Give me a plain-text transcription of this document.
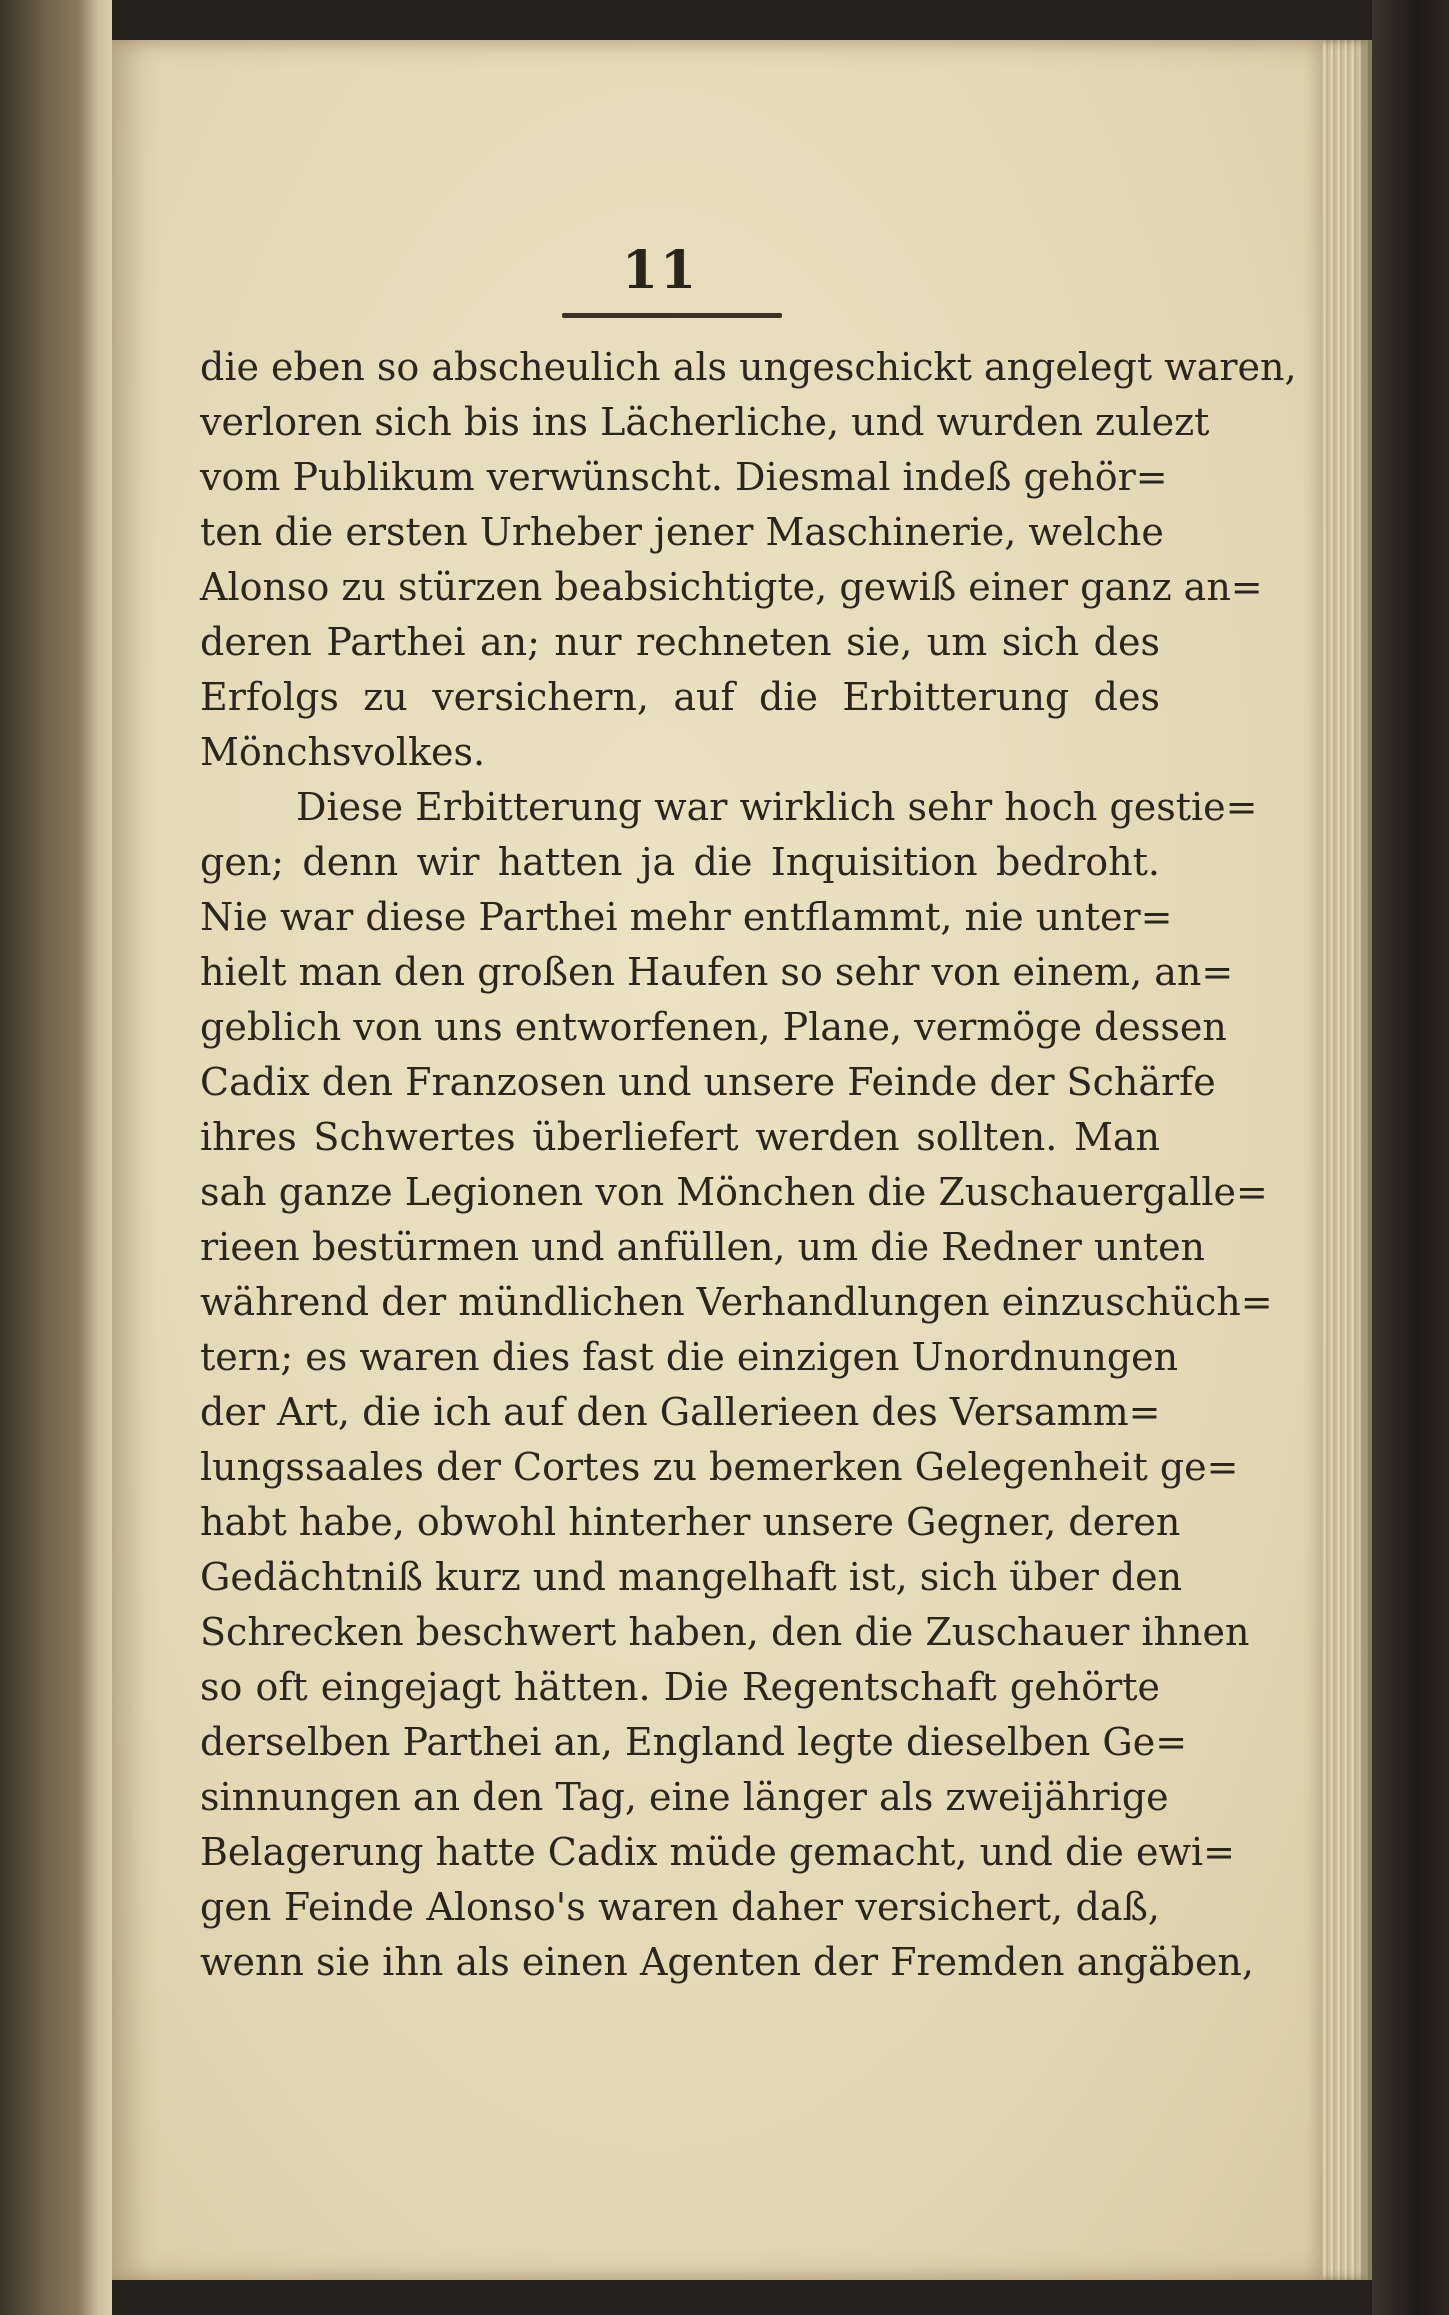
11
die eben so abscheulich als ungeschickt angelegt waren,
verloren sich bis ins Lächerliche, und wurden zulezt
vom Publikum verwünscht. Diesmal indeß gehör=
ten die ersten Urheber jener Maschinerie, welche
Alonso zu stürzen beabsichtigte, gewiß einer ganz an=
deren Parthei an; nur rechneten sie, um sich des
Erfolgs zu versichern, auf die Erbitterung des
Mönchsvolkes.
Diese Erbitterung war wirklich sehr hoch gestie=
gen; denn wir hatten ja die Inquisition bedroht.
Nie war diese Parthei mehr entflammt, nie unter=
hielt man den großen Haufen so sehr von einem, an=
geblich von uns entworfenen, Plane, vermöge dessen
Cadix den Franzosen und unsere Feinde der Schärfe
ihres Schwertes überliefert werden sollten. Man
sah ganze Legionen von Mönchen die Zuschauergalle=
rieen bestürmen und anfüllen, um die Redner unten
während der mündlichen Verhandlungen einzuschüch=
tern; es waren dies fast die einzigen Unordnungen
der Art, die ich auf den Gallerieen des Versamm=
lungssaales der Cortes zu bemerken Gelegenheit ge=
habt habe, obwohl hinterher unsere Gegner, deren
Gedächtniß kurz und mangelhaft ist, sich über den
Schrecken beschwert haben, den die Zuschauer ihnen
so oft eingejagt hätten. Die Regentschaft gehörte
derselben Parthei an, England legte dieselben Ge=
sinnungen an den Tag, eine länger als zweijährige
Belagerung hatte Cadix müde gemacht, und die ewi=
gen Feinde Alonso's waren daher versichert, daß,
wenn sie ihn als einen Agenten der Fremden angäben,
